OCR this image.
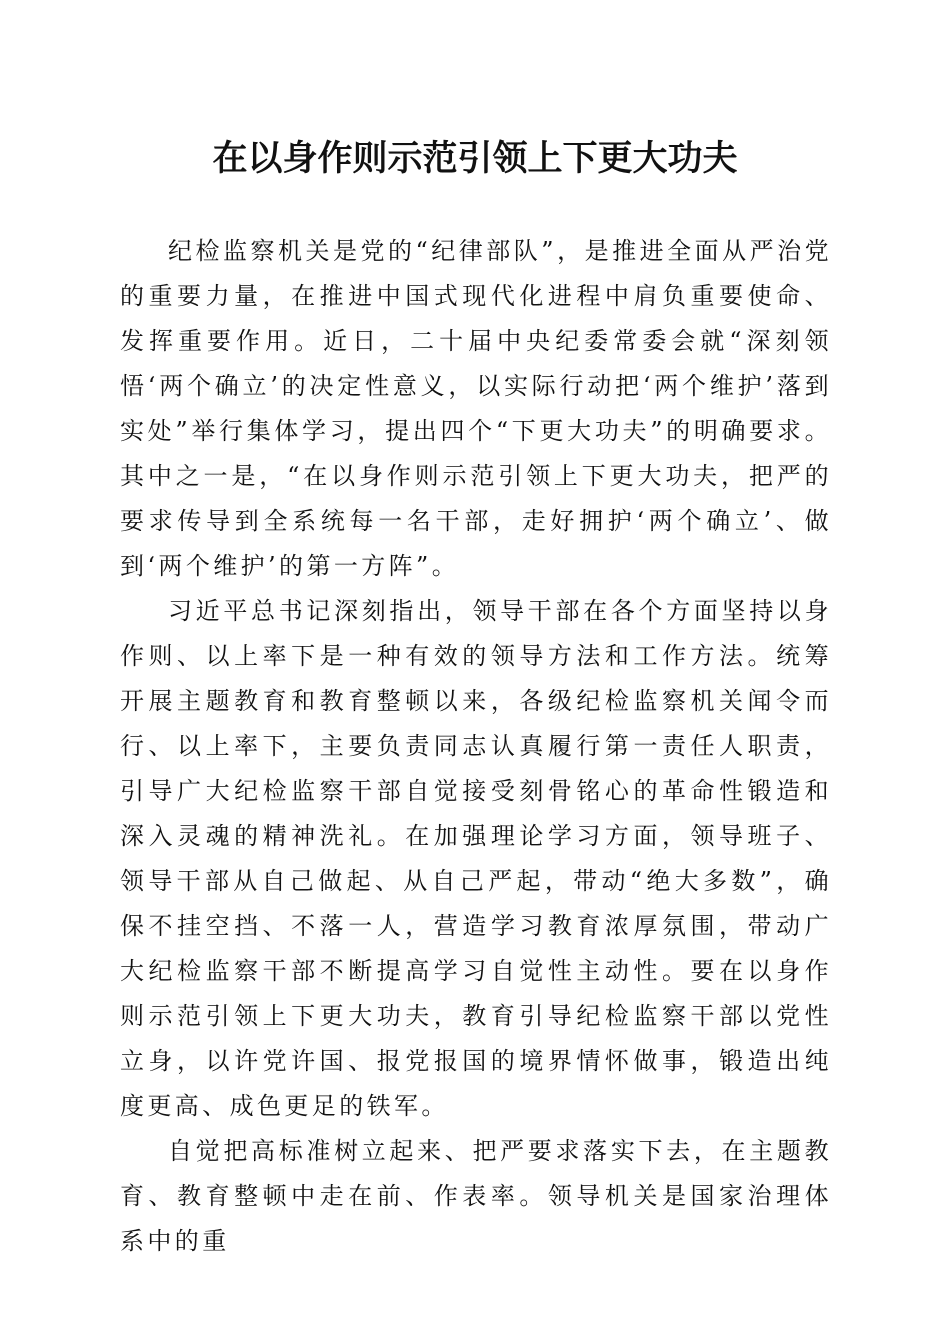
在以身作则示范引领上下更大功夫

纪检监察机关是党的“纪律部队”，是推进全面从严治党的重要力量，在推进中国式现代化进程中肩负重要使命、发挥重要作用。近日，二十届中央纪委常委会就“深刻领悟‘两个确立’的决定性意义，以实际行动把‘两个维护’落到实处”举行集体学习，提出四个“下更大功夫”的明确要求。其中之一是，“在以身作则示范引领上下更大功夫，把严的要求传导到全系统每一名干部，走好拥护‘两个确立’、做到‘两个维护’的第一方阵”。

习近平总书记深刻指出，领导干部在各个方面坚持以身作则、以上率下是一种有效的领导方法和工作方法。统筹开展主题教育和教育整顿以来，各级纪检监察机关闻令而行、以上率下，主要负责同志认真履行第一责任人职责，引导广大纪检监察干部自觉接受刻骨铭心的革命性锻造和深入灵魂的精神洗礼。在加强理论学习方面，领导班子、领导干部从自己做起、从自己严起，带动“绝大多数”，确保不挂空挡、不落一人，营造学习教育浓厚氛围，带动广大纪检监察干部不断提高学习自觉性主动性。要在以身作则示范引领上下更大功夫，教育引导纪检监察干部以党性立身，以许党许国、报党报国的境界情怀做事，锻造出纯度更高、成色更足的铁军。

自觉把高标准树立起来、把严要求落实下去，在主题教育、教育整顿中走在前、作表率。领导机关是国家治理体系中的重
